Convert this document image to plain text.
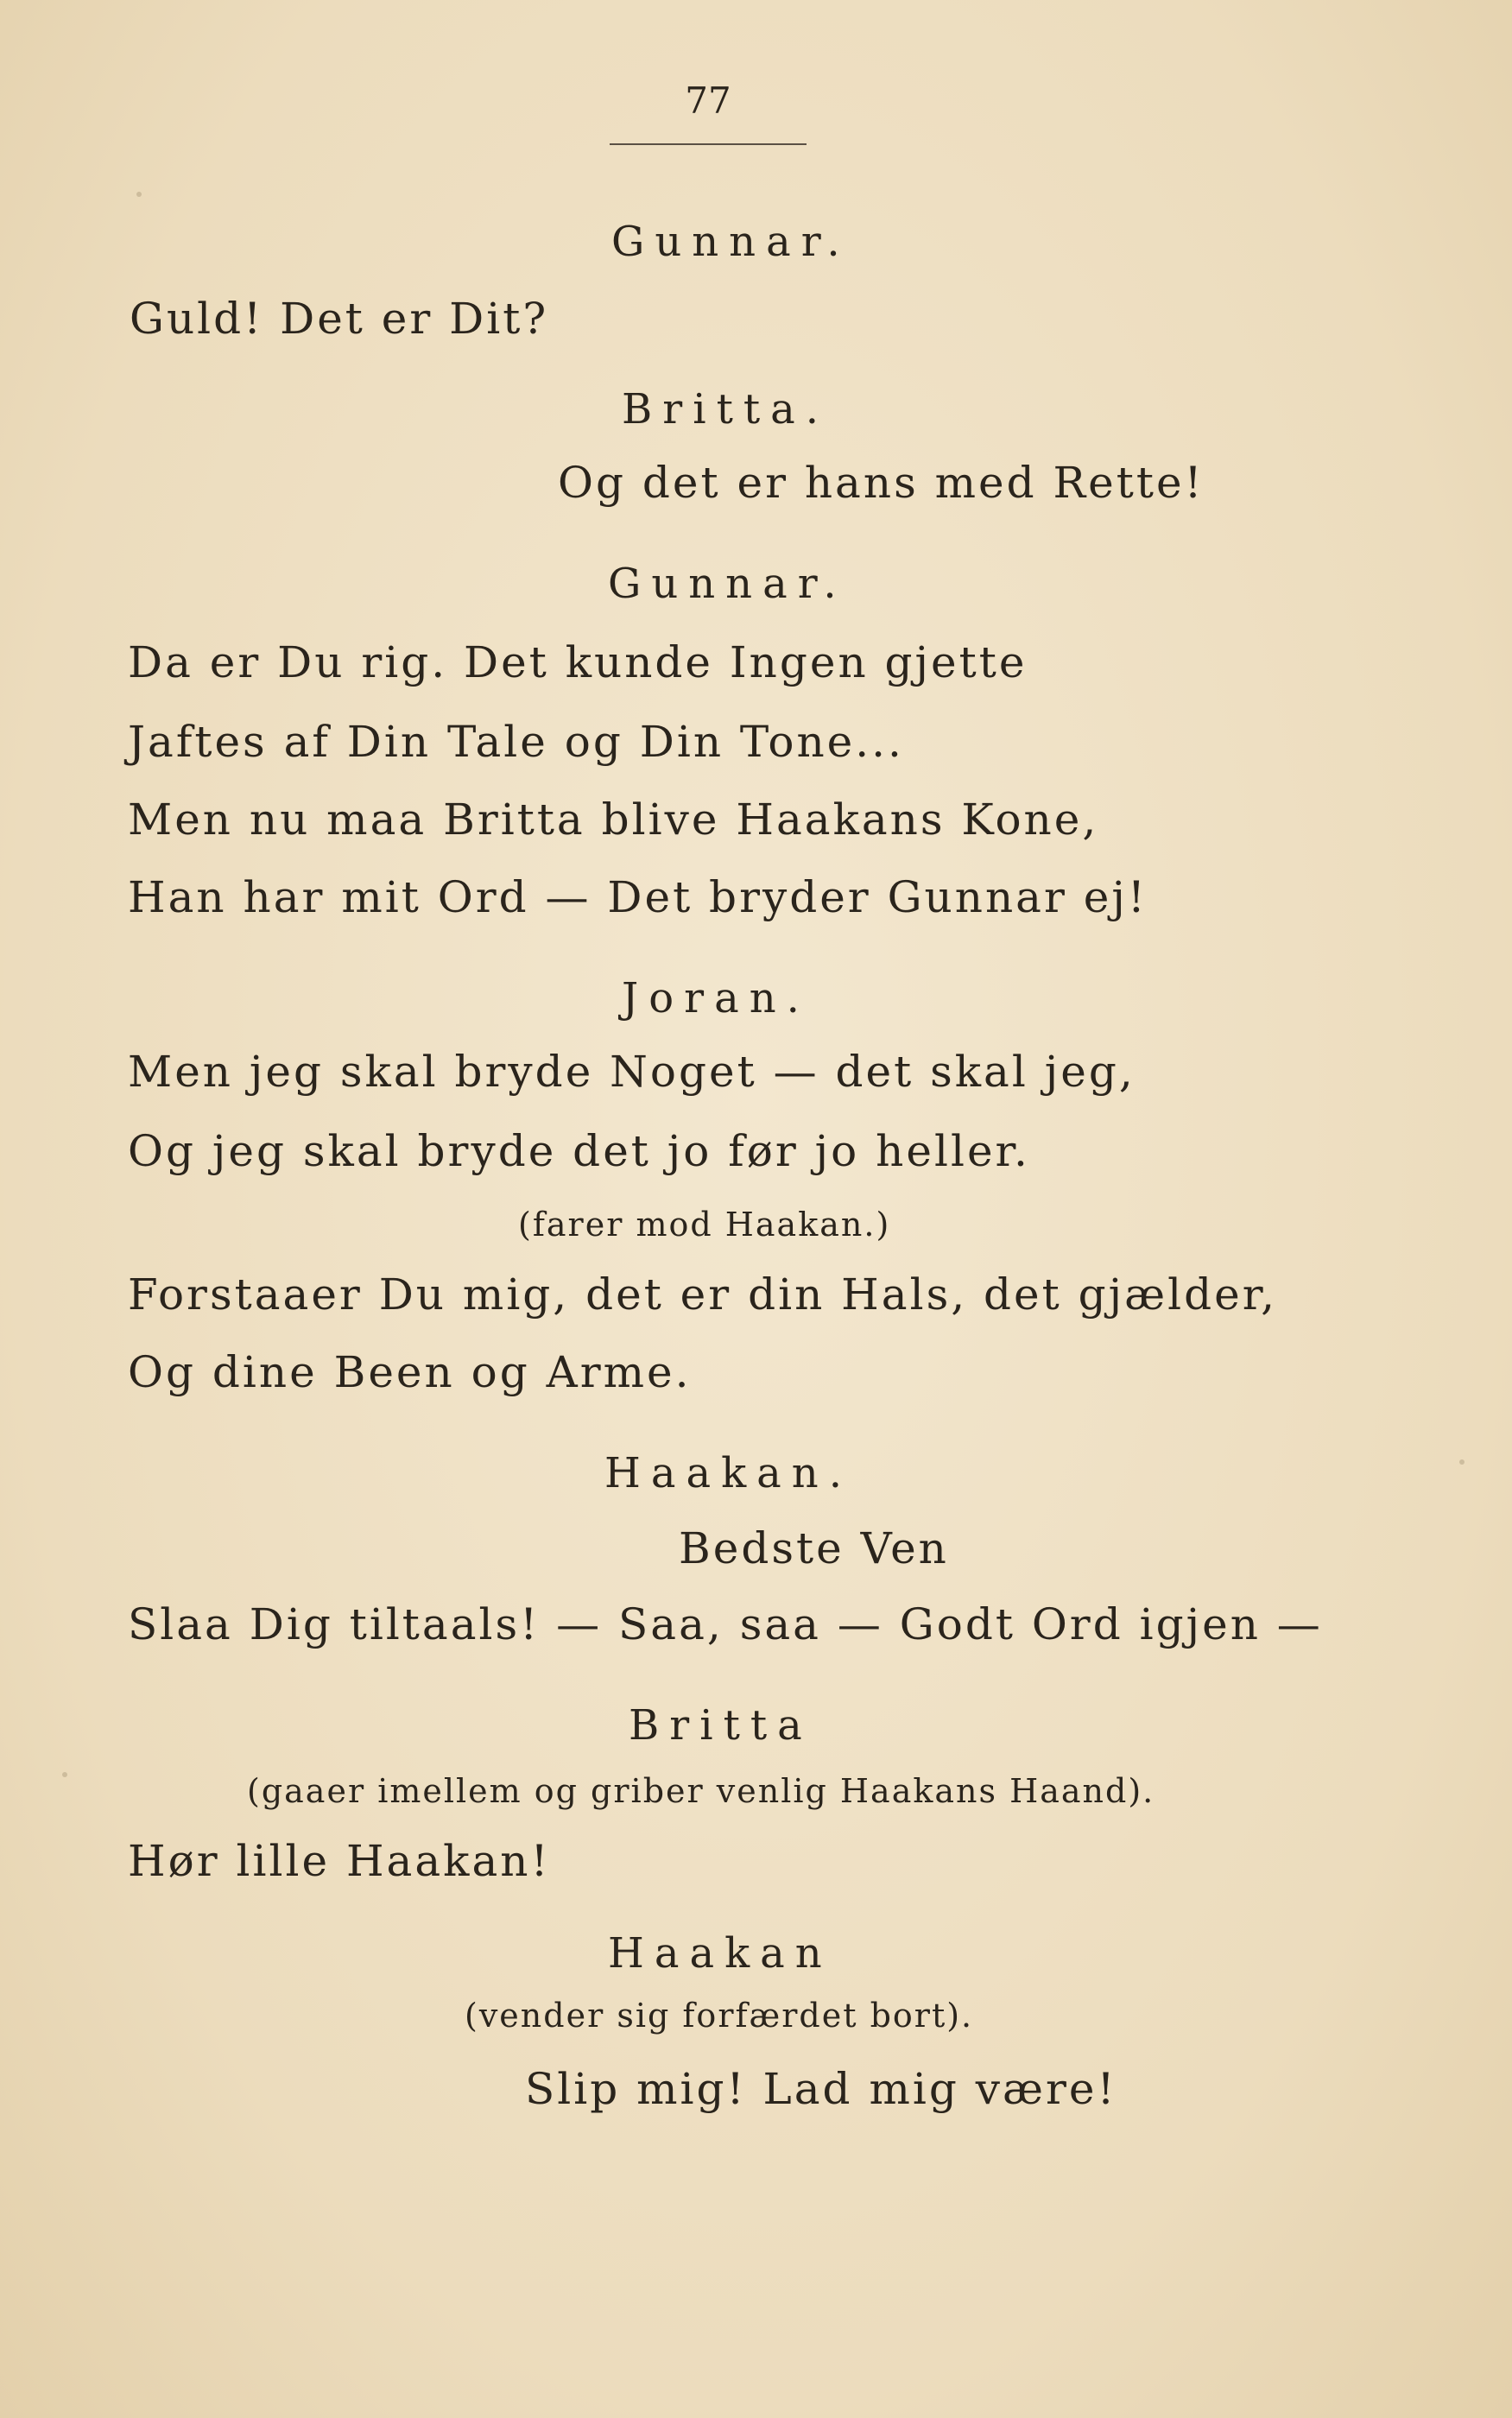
77
Gunnar.
Guld! Det er Dit?
Britta.
Og det er hans med Rette!
Gunnar.
Da er Du rig. Det kunde Ingen gjette
Jaftes af Din Tale og Din Tone...
Men nu maa Britta blive Haakans Kone,
Han har mit Ord — Det bryder Gunnar ej!
Joran.
Men jeg skal bryde Noget — det skal jeg,
Og jeg skal bryde det jo før jo heller.
(farer mod Haakan.)
Forstaaer Du mig, det er din Hals, det gjælder,
Og dine Been og Arme.
Haakan.
Bedste Ven
Slaa Dig tiltaals! — Saa, saa — Godt Ord igjen —
Britta
(gaaer imellem og griber venlig Haakans Haand).
Hør lille Haakan!
Haakan
(vender sig forfærdet bort).
Slip mig! Lad mig være!
